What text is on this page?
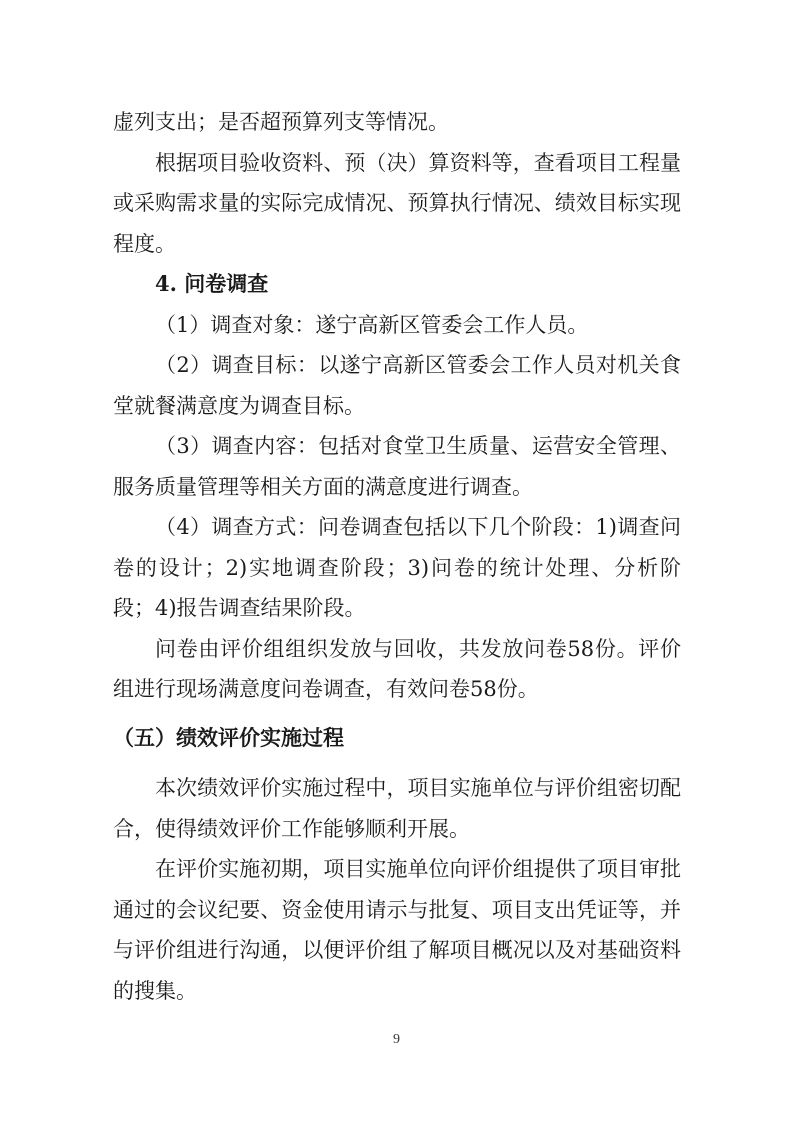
虚列支出；是否超预算列支等情况。

根据项目验收资料、预（决）算资料等，查看项目工程量或采购需求量的实际完成情况、预算执行情况、绩效目标实现程度。

4. 问卷调查

（1）调查对象：遂宁高新区管委会工作人员。

（2）调查目标：以遂宁高新区管委会工作人员对机关食堂就餐满意度为调查目标。

（3）调查内容：包括对食堂卫生质量、运营安全管理、服务质量管理等相关方面的满意度进行调查。

（4）调查方式：问卷调查包括以下几个阶段：1)调查问卷的设计；2)实地调查阶段；3)问卷的统计处理、分析阶段；4)报告调查结果阶段。

问卷由评价组组织发放与回收，共发放问卷58份。评价组进行现场满意度问卷调查，有效问卷58份。

（五）绩效评价实施过程

本次绩效评价实施过程中，项目实施单位与评价组密切配合，使得绩效评价工作能够顺利开展。

在评价实施初期，项目实施单位向评价组提供了项目审批通过的会议纪要、资金使用请示与批复、项目支出凭证等，并与评价组进行沟通，以便评价组了解项目概况以及对基础资料的搜集。

9
